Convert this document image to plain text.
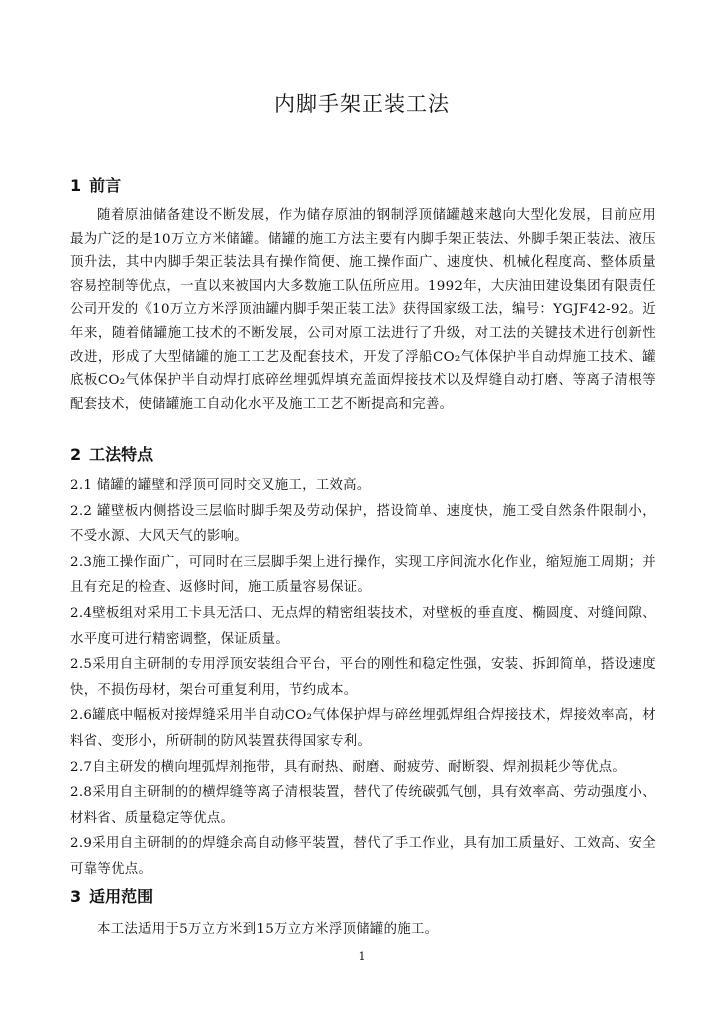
内脚手架正装工法
1 前言

随着原油储备建设不断发展，作为储存原油的钢制浮顶储罐越来越向大型化发展，目前应用最为广泛的是10万立方米储罐。储罐的施工方法主要有内脚手架正装法、外脚手架正装法、液压顶升法，其中内脚手架正装法具有操作简便、施工操作面广、速度快、机械化程度高、整体质量容易控制等优点，一直以来被国内大多数施工队伍所应用。1992年，大庆油田建设集团有限责任公司开发的《10万立方米浮顶油罐内脚手架正装工法》获得国家级工法，编号：YGJF42-92。近年来，随着储罐施工技术的不断发展，公司对原工法进行了升级，对工法的关键技术进行创新性改进，形成了大型储罐的施工工艺及配套技术，开发了浮船CO₂气体保护半自动焊施工技术、罐底板CO₂气体保护半自动焊打底碎丝埋弧焊填充盖面焊接技术以及焊缝自动打磨、等离子清根等配套技术，使储罐施工自动化水平及施工工艺不断提高和完善。

2 工法特点
2.1 储罐的罐壁和浮顶可同时交叉施工，工效高。
2.2 罐壁板内侧搭设三层临时脚手架及劳动保护，搭设简单、速度快，施工受自然条件限制小，不受水源、大风天气的影响。
2.3施工操作面广，可同时在三层脚手架上进行操作，实现工序间流水化作业，缩短施工周期；并且有充足的检查、返修时间，施工质量容易保证。
2.4壁板组对采用工卡具无活口、无点焊的精密组装技术，对壁板的垂直度、椭圆度、对缝间隙、水平度可进行精密调整，保证质量。
2.5采用自主研制的专用浮顶安装组合平台，平台的刚性和稳定性强，安装、拆卸简单，搭设速度快，不损伤母材，架台可重复利用，节约成本。
2.6罐底中幅板对接焊缝采用半自动CO₂气体保护焊与碎丝埋弧焊组合焊接技术，焊接效率高，材料省、变形小，所研制的防风装置获得国家专利。
2.7自主研发的横向埋弧焊剂拖带，具有耐热、耐磨、耐疲劳、耐断裂、焊剂损耗少等优点。
2.8采用自主研制的的横焊缝等离子清根装置，替代了传统碳弧气刨，具有效率高、劳动强度小、材料省、质量稳定等优点。
2.9采用自主研制的的焊缝余高自动修平装置，替代了手工作业，具有加工质量好、工效高、安全可靠等优点。
3 适用范围

本工法适用于5万立方米到15万立方米浮顶储罐的施工。

1
